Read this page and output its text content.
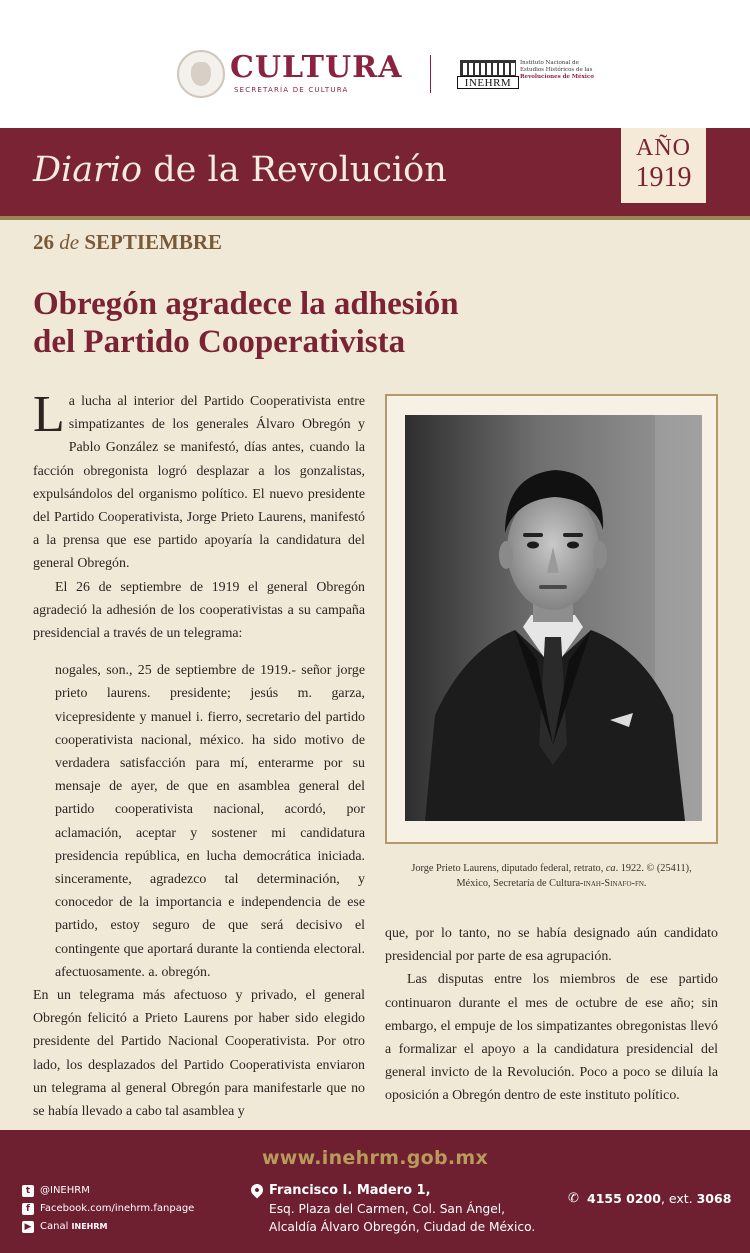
CULTURA
SECRETARÍA DE CULTURA
INEHRM
Instituto Nacional de
Estudios Históricos de las
Revoluciones de México
Diario de la Revolución
AÑO
1919
26 de SEPTIEMBRE
Obregón agradece la adhesión
del Partido Cooperativista

La lucha al interior del Partido Cooperativista entre simpatizantes de los generales Álvaro Obregón y Pablo González se manifestó, días antes, cuando la facción obregonista logró desplazar a los gonzalistas, expulsándolos del organismo político. El nuevo presidente del Partido Cooperativista, Jorge Prieto Laurens, manifestó a la prensa que ese partido apoyaría la candidatura del general Obregón.

El 26 de septiembre de 1919 el general Obregón agradeció la adhesión de los cooperativistas a su campaña presidencial a través de un telegrama:

nogales, son., 25 de septiembre de 1919.- señor jorge prieto laurens. presidente; jesús m. garza, vicepresidente y manuel i. fierro, secretario del partido cooperativista nacional, méxico. ha sido motivo de verdadera satisfacción para mí, enterarme por su mensaje de ayer, de que en asamblea general del partido cooperativista nacional, acordó, por aclamación, aceptar y sostener mi candidatura presidencia república, en lucha democrática iniciada. sinceramente, agradezco tal determinación, y conocedor de la importancia e independencia de ese partido, estoy seguro de que será decisivo el contingente que aportará durante la contienda electoral. afectuosamente. a. obregón.

En un telegrama más afectuoso y privado, el general Obregón felicitó a Prieto Laurens por haber sido elegido presidente del Partido Nacional Cooperativista. Por otro lado, los desplazados del Partido Cooperativista enviaron un telegrama al general Obregón para manifestarle que no se había llevado a cabo tal asamblea y

Jorge Prieto Laurens, diputado federal, retrato, ca. 1922. © (25411), México, Secretaría de Cultura-inah-Sinafo-fn.

que, por lo tanto, no se había designado aún candidato presidencial por parte de esa agrupación.

Las disputas entre los miembros de ese partido continuaron durante el mes de octubre de ese año; sin embargo, el empuje de los simpatizantes obregonistas llevó a formalizar el apoyo a la candidatura presidencial del general invicto de la Revolución. Poco a poco se diluía la oposición a Obregón dentro de este instituto político.

www.inehrm.gob.mx
t @INEHRM
f	Facebook.com/inehrm.fanpage
▶ Canal INEHRM
Francisco I. Madero 1,
Esq. Plaza del Carmen, Col. San Ángel,
Alcaldía Álvaro Obregón, Ciudad de México.
✆ 4155 0200, ext. 3068
